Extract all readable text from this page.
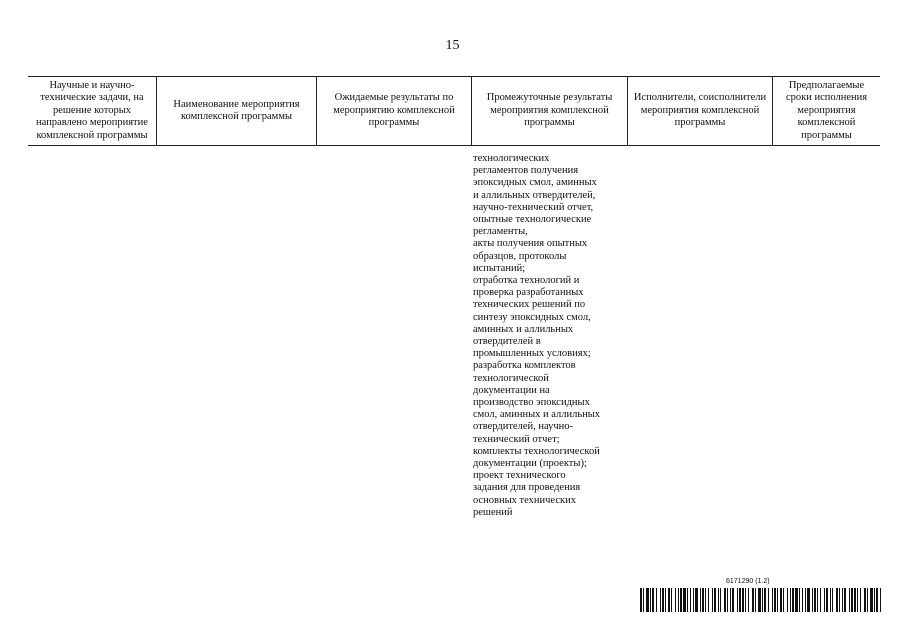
15
Научные и научно-технические задачи, на решение которых направлено мероприятие комплексной программы
Наименование мероприятия комплексной программы
Ожидаемые результаты по мероприятию комплексной программы
Промежуточные результаты мероприятия комплексной программы
Исполнители, соисполнители мероприятия комплексной программы
Предполагаемые сроки исполнения мероприятия комплексной программы
технологических
регламентов получения
эпоксидных смол, аминных
и аллильных отвердителей,
научно-технический отчет,
опытные технологические
регламенты,
акты получения опытных
образцов, протоколы
испытаний;
отработка технологий и
проверка разработанных
технических решений по
синтезу эпоксидных смол,
аминных и аллильных
отвердителей в
промышленных условиях;
разработка комплектов
технологической
документации на
производство эпоксидных
смол, аминных и аллильных
отвердителей, научно-
технический отчет;
комплекты технологической
документации (проекты);
проект технического
задания для проведения
основных технических
решений
6171290 (1.2)
